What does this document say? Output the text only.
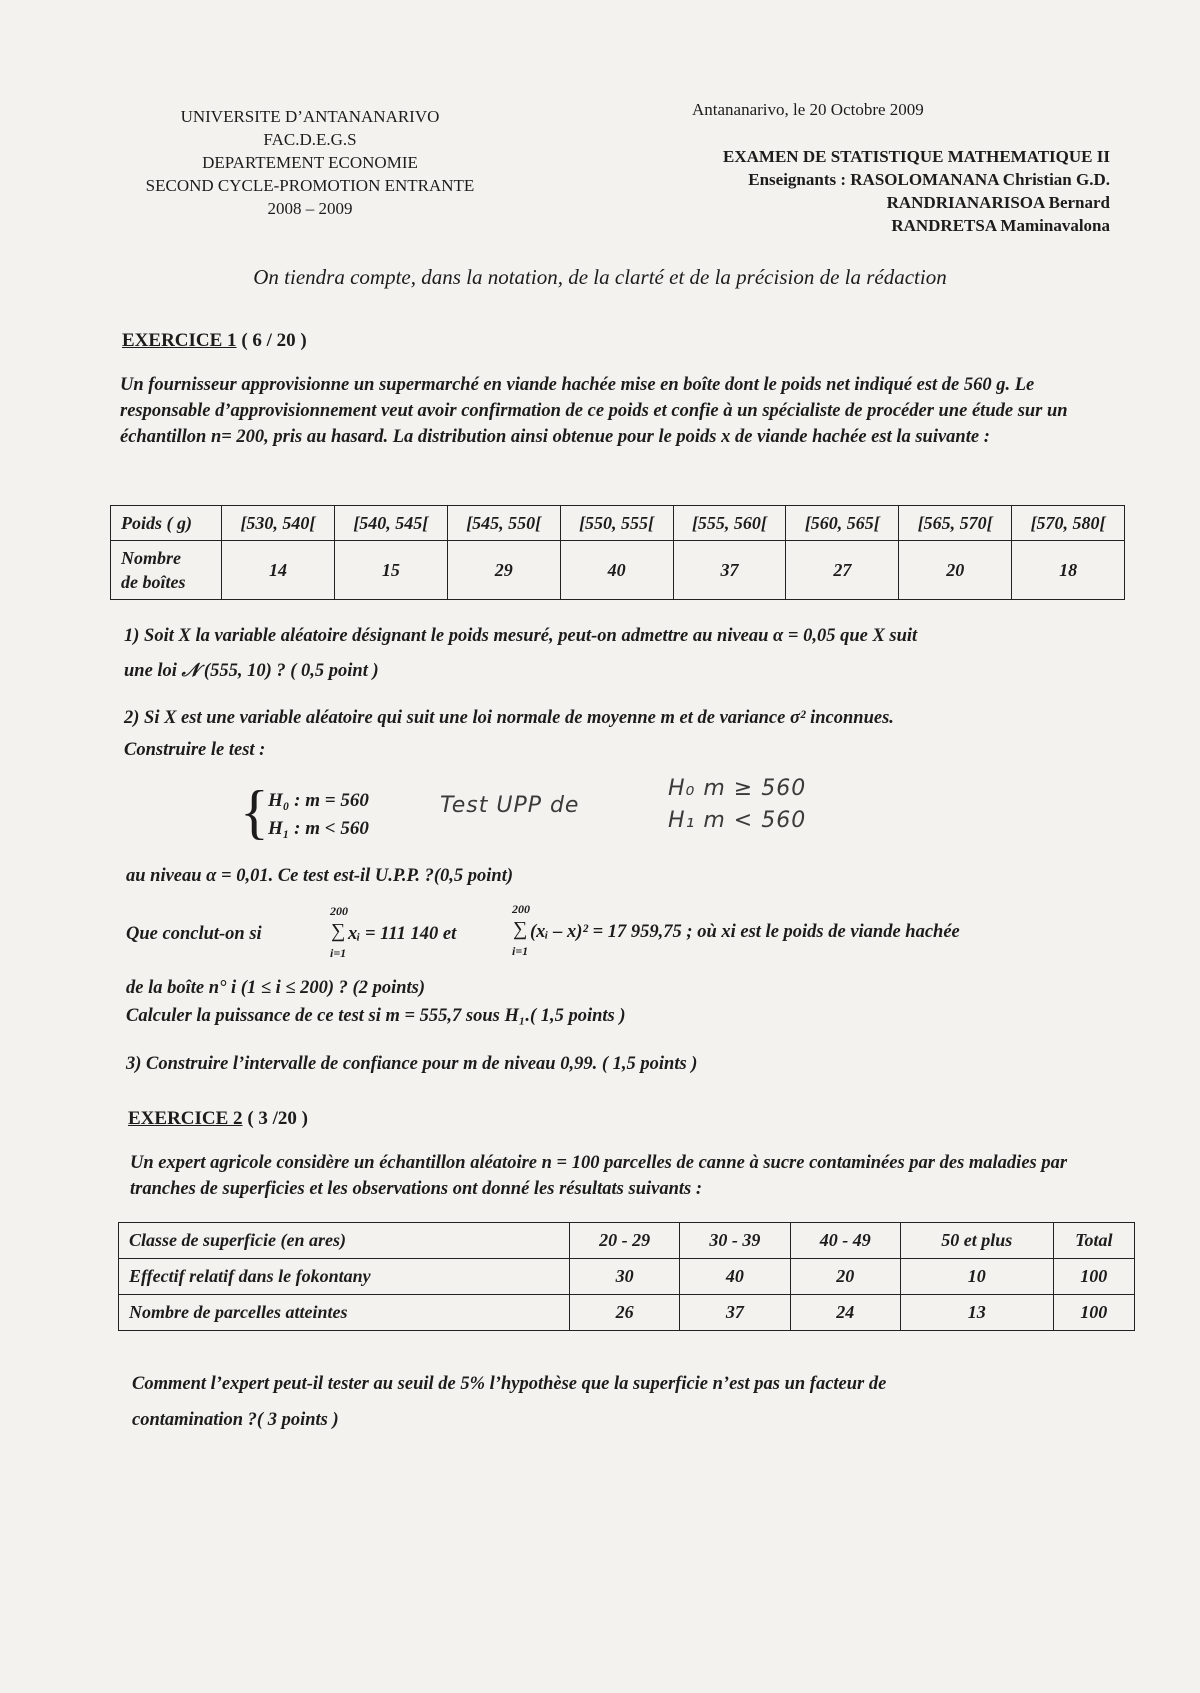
UNIVERSITE D’ANTANANARIVO
FAC.D.E.G.S
DEPARTEMENT ECONOMIE
SECOND CYCLE-PROMOTION ENTRANTE
2008 – 2009
Antananarivo, le 20 Octobre 2009
EXAMEN DE STATISTIQUE MATHEMATIQUE II
Enseignants : RASOLOMANANA Christian G.D.
RANDRIANARISOA Bernard
RANDRETSA Maminavalona
On tiendra compte, dans la notation, de la clarté et de la précision de la rédaction
EXERCICE 1 ( 6 / 20 )
Un fournisseur approvisionne un supermarché en viande hachée mise en boîte dont le poids net indiqué est de 560 g. Le responsable d’approvisionnement veut avoir confirmation de ce poids et confie à un spécialiste de procéder une étude sur un échantillon n= 200, pris au hasard. La distribution ainsi obtenue pour le poids x de viande hachée est la suivante :
Poids ( g)	[530, 540[	[540, 545[	[545, 550[	[550, 555[	[555, 560[	[560, 565[	[565, 570[	[570, 580[

Nombre
de boîtes	14	15	29	40	37	27	20	18
1) Soit X la variable aléatoire désignant le poids mesuré, peut-on admettre au niveau α = 0,05 que X suit
une loi 𝒩 (555, 10) ? ( 0,5 point )
2) Si X est une variable aléatoire qui suit une loi normale de moyenne m et de variance σ² inconnues.
Construire le test :
{ H₀ : m = 560
H₁ : m < 560
Test UPP de
H₀ m ≥ 560
H₁ m < 560
au niveau α = 0,01. Ce test est-il U.P.P. ?(0,5 point)
Que conclut-on si
200
∑
i=1
xᵢ = 111 140 et
200
∑
i=1
(xᵢ – x)² = 17 959,75 ; où xi est le poids de viande hachée
de la boîte n° i (1 ≤ i ≤ 200) ? (2 points)
Calculer la puissance de ce test si m = 555,7 sous H₁.( 1,5 points )
3) Construire l’intervalle de confiance pour m de niveau 0,99. ( 1,5 points )
EXERCICE 2 ( 3 /20 )
Un expert agricole considère un échantillon aléatoire n = 100 parcelles de canne à sucre contaminées par des maladies par tranches de superficies et les observations ont donné les résultats suivants :
Classe de superficie (en ares)	20 - 29	30 - 39	40 - 49	50 et plus	Total
Effectif relatif dans le fokontany	30	40	20	10	100
Nombre de parcelles atteintes	26	37	24	13	100
Comment l’expert peut-il tester au seuil de 5% l’hypothèse que la superficie n’est pas un facteur de
contamination ?( 3 points )
